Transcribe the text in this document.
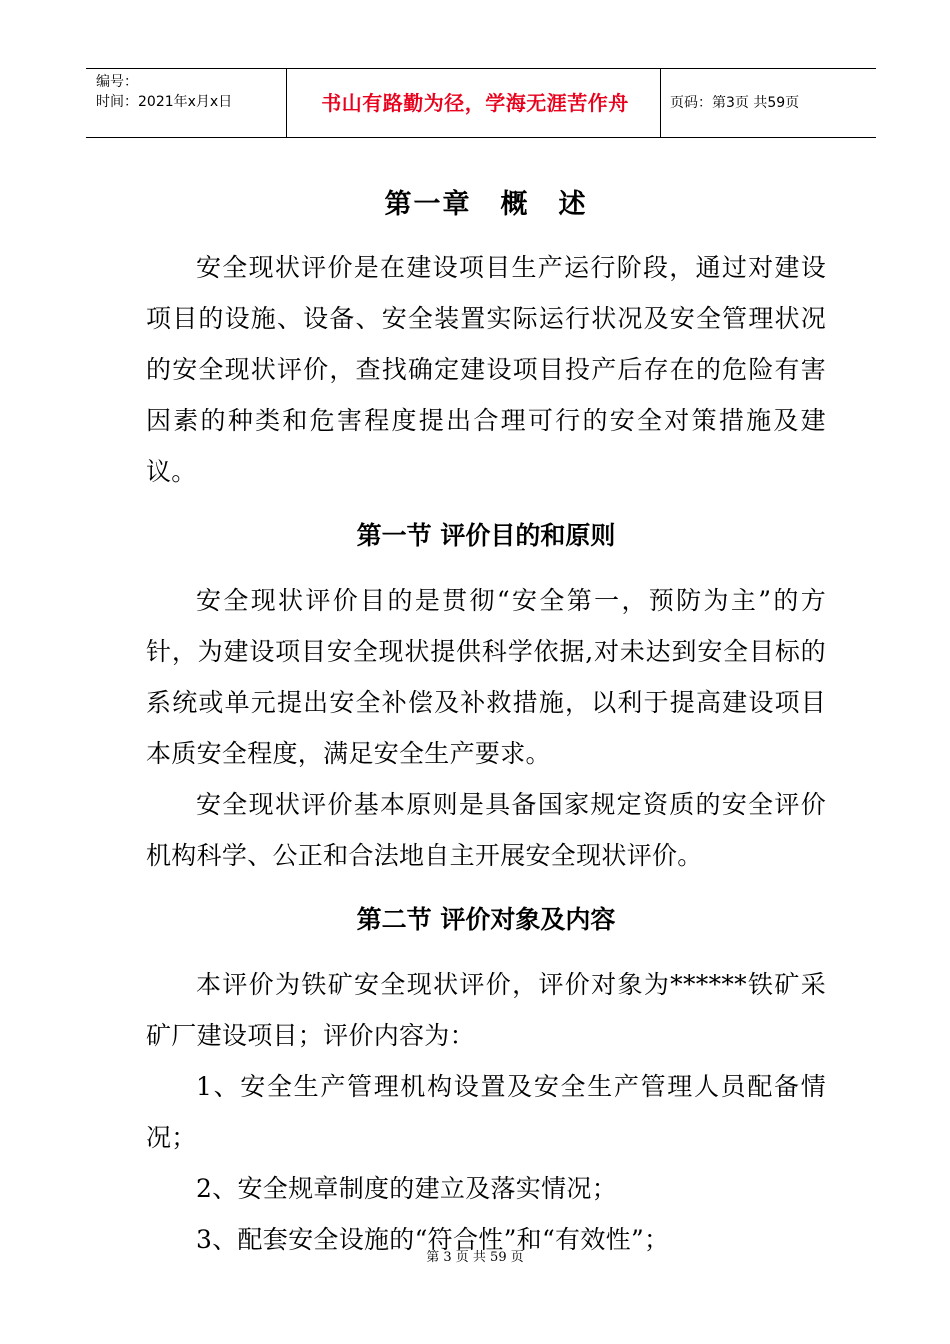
编号：
时间：2021年x月x日	书山有路勤为径，学海无涯苦作舟	页码：第3页 共59页
第一章　概　述

安全现状评价是在建设项目生产运行阶段，通过对建设项目的设施、设备、安全装置实际运行状况及安全管理状况的安全现状评价，查找确定建设项目投产后存在的危险有害因素的种类和危害程度提出合理可行的安全对策措施及建议。

第一节 评价目的和原则

安全现状评价目的是贯彻“安全第一，预防为主”的方针，为建设项目安全现状提供科学依据,对未达到安全目标的系统或单元提出安全补偿及补救措施，以利于提高建设项目本质安全程度，满足安全生产要求。

安全现状评价基本原则是具备国家规定资质的安全评价机构科学、公正和合法地自主开展安全现状评价。

第二节 评价对象及内容

本评价为铁矿安全现状评价，评价对象为******铁矿采矿厂建设项目；评价内容为：

1、安全生产管理机构设置及安全生产管理人员配备情况；

2、安全规章制度的建立及落实情况；

3、配套安全设施的“符合性”和“有效性”；

第 3 页 共 59 页
